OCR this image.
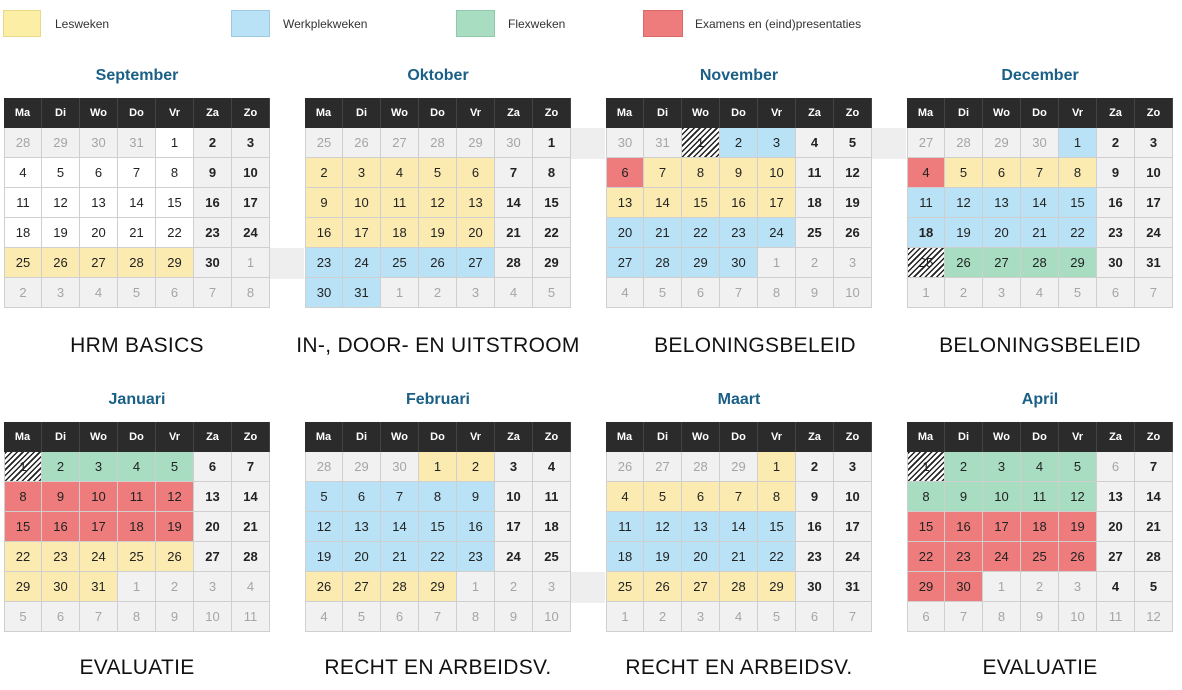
Lesweken	Werkplekweken	Flexweken	Examens en (eind)presentaties
September
Ma	Di	Wo	Do	Vr	Za	Zo
28	29	30	31	1	2	3
4	5	6	7	8	9	10
11	12	13	14	15	16	17
18	19	20	21	22	23	24
25	26	27	28	29	30	1
2	3	4	5	6	7	8
Oktober
Ma	Di	Wo	Do	Vr	Za	Zo
25	26	27	28	29	30	1
2	3	4	5	6	7	8
9	10	11	12	13	14	15
16	17	18	19	20	21	22
23	24	25	26	27	28	29
30	31	1	2	3	4	5
November
Ma	Di	Wo	Do	Vr	Za	Zo
30	31	1	2	3	4	5
6	7	8	9	10	11	12
13	14	15	16	17	18	19
20	21	22	23	24	25	26
27	28	29	30	1	2	3
4	5	6	7	8	9	10
December
Ma	Di	Wo	Do	Vr	Za	Zo
27	28	29	30	1	2	3
4	5	6	7	8	9	10
11	12	13	14	15	16	17
18	19	20	21	22	23	24
25	26	27	28	29	30	31
1	2	3	4	5	6	7
Januari
Ma	Di	Wo	Do	Vr	Za	Zo
1	2	3	4	5	6	7
8	9	10	11	12	13	14
15	16	17	18	19	20	21
22	23	24	25	26	27	28
29	30	31	1	2	3	4
5	6	7	8	9	10	11
Februari
Ma	Di	Wo	Do	Vr	Za	Zo
28	29	30	1	2	3	4
5	6	7	8	9	10	11
12	13	14	15	16	17	18
19	20	21	22	23	24	25
26	27	28	29	1	2	3
4	5	6	7	8	9	10
Maart
Ma	Di	Wo	Do	Vr	Za	Zo
26	27	28	29	1	2	3
4	5	6	7	8	9	10
11	12	13	14	15	16	17
18	19	20	21	22	23	24
25	26	27	28	29	30	31
1	2	3	4	5	6	7
April
Ma	Di	Wo	Do	Vr	Za	Zo
1	2	3	4	5	6	7
8	9	10	11	12	13	14
15	16	17	18	19	20	21
22	23	24	25	26	27	28
29	30	1	2	3	4	5
6	7	8	9	10	11	12
HRM BASICS	IN-, DOOR- EN UITSTROOM	BELONINGSBELEID	BELONINGSBELEID
EVALUATIE	RECHT EN ARBEIDSV.	RECHT EN ARBEIDSV.	EVALUATIE
